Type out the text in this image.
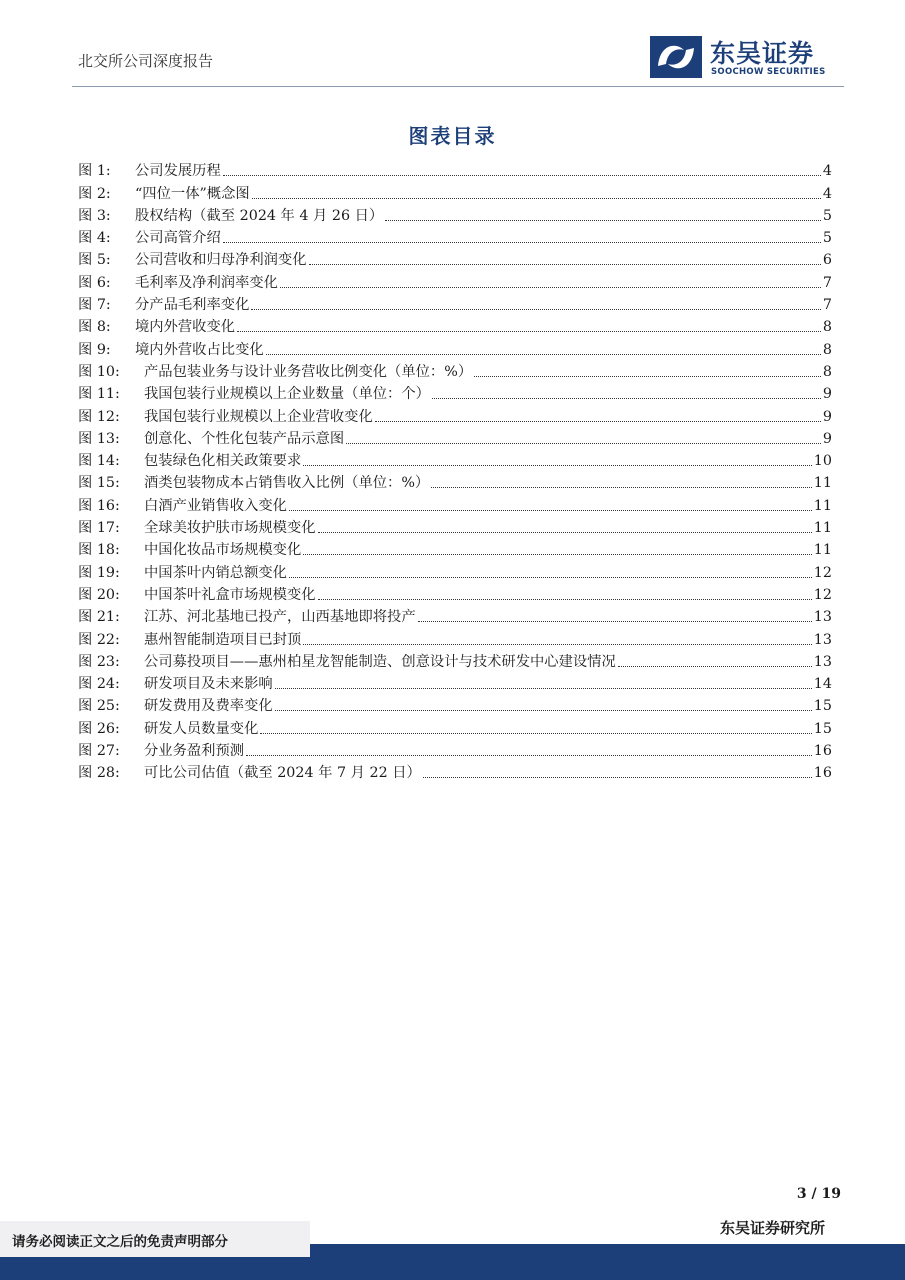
北交所公司深度报告	东吴证券
SOOCHOW SECURITIES
图表目录
图 1:	公司发展历程	4
图 2:	“四位一体”概念图	4
图 3:	股权结构（截至 2024 年 4 月 26 日）	5
图 4:	公司高管介绍	5
图 5:	公司营收和归母净利润变化	6
图 6:	毛利率及净利润率变化	7
图 7:	分产品毛利率变化	7
图 8:	境内外营收变化	8
图 9:	境内外营收占比变化	8
图 10:	产品包装业务与设计业务营收比例变化（单位：%）	8
图 11:	我国包装行业规模以上企业数量（单位：个）	9
图 12:	我国包装行业规模以上企业营收变化	9
图 13:	创意化、个性化包装产品示意图	9
图 14:	包装绿色化相关政策要求	10
图 15:	酒类包装物成本占销售收入比例（单位：%）	11
图 16:	白酒产业销售收入变化	11
图 17:	全球美妆护肤市场规模变化	11
图 18:	中国化妆品市场规模变化	11
图 19:	中国茶叶内销总额变化	12
图 20:	中国茶叶礼盒市场规模变化	12
图 21:	江苏、河北基地已投产，山西基地即将投产	13
图 22:	惠州智能制造项目已封顶	13
图 23:	公司募投项目——惠州柏星龙智能制造、创意设计与技术研发中心建设情况	13
图 24:	研发项目及未来影响	14
图 25:	研发费用及费率变化	15
图 26:	研发人员数量变化	15
图 27:	分业务盈利预测	16
图 28:	可比公司估值（截至 2024 年 7 月 22 日）	16
3 / 19
东吴证券研究所
请务必阅读正文之后的免责声明部分
